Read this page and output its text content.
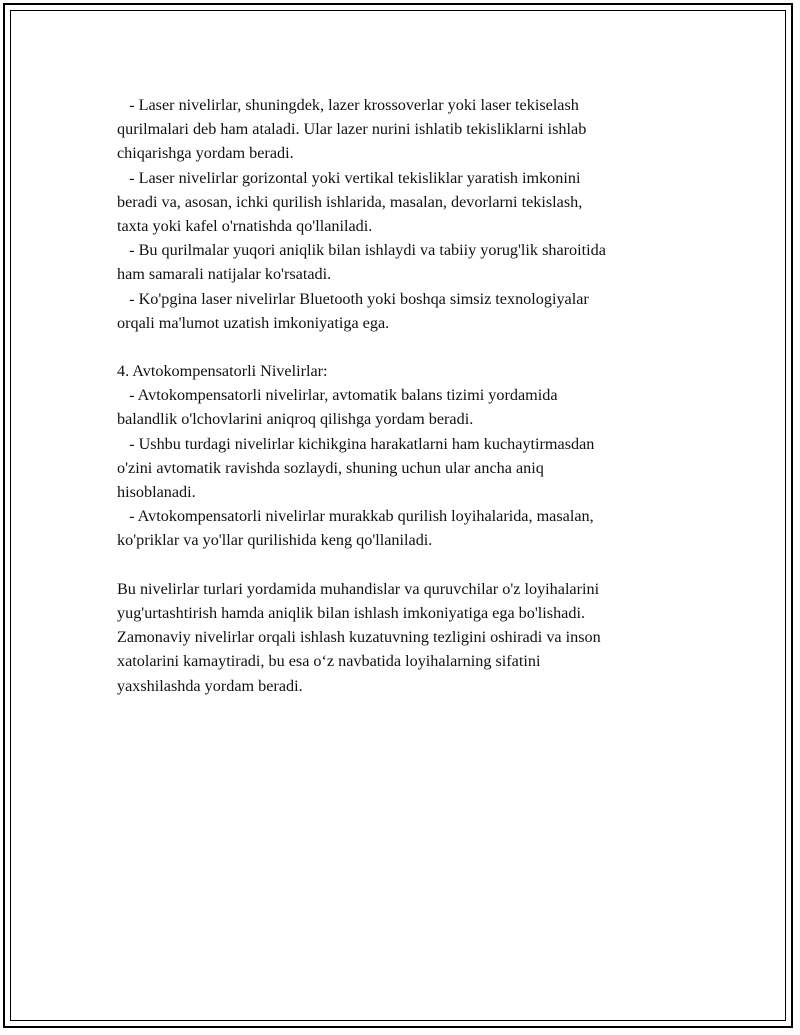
- Laser nivelirlar, shuningdek, lazer krossoverlar yoki laser tekiselash
qurilmalari deb ham ataladi. Ular lazer nurini ishlatib tekisliklarni ishlab
chiqarishga yordam beradi.
- Laser nivelirlar gorizontal yoki vertikal tekisliklar yaratish imkonini
beradi va, asosan, ichki qurilish ishlarida, masalan, devorlarni tekislash,
taxta yoki kafel o'rnatishda qo'llaniladi.
- Bu qurilmalar yuqori aniqlik bilan ishlaydi va tabiiy yorug'lik sharoitida
ham samarali natijalar ko'rsatadi.
- Ko'pgina laser nivelirlar Bluetooth yoki boshqa simsiz texnologiyalar
orqali ma'lumot uzatish imkoniyatiga ega.
4. Avtokompensatorli Nivelirlar:
- Avtokompensatorli nivelirlar, avtomatik balans tizimi yordamida
balandlik o'lchovlarini aniqroq qilishga yordam beradi.
- Ushbu turdagi nivelirlar kichikgina harakatlarni ham kuchaytirmasdan
o'zini avtomatik ravishda sozlaydi, shuning uchun ular ancha aniq
hisoblanadi.
- Avtokompensatorli nivelirlar murakkab qurilish loyihalarida, masalan,
ko'priklar va yo'llar qurilishida keng qo'llaniladi.
Bu nivelirlar turlari yordamida muhandislar va quruvchilar o'z loyihalarini
yug'urtashtirish hamda aniqlik bilan ishlash imkoniyatiga ega bo'lishadi.
Zamonaviy nivelirlar orqali ishlash kuzatuvning tezligini oshiradi va inson
xatolarini kamaytiradi, bu esa o‘z navbatida loyihalarning sifatini
yaxshilashda yordam beradi.
